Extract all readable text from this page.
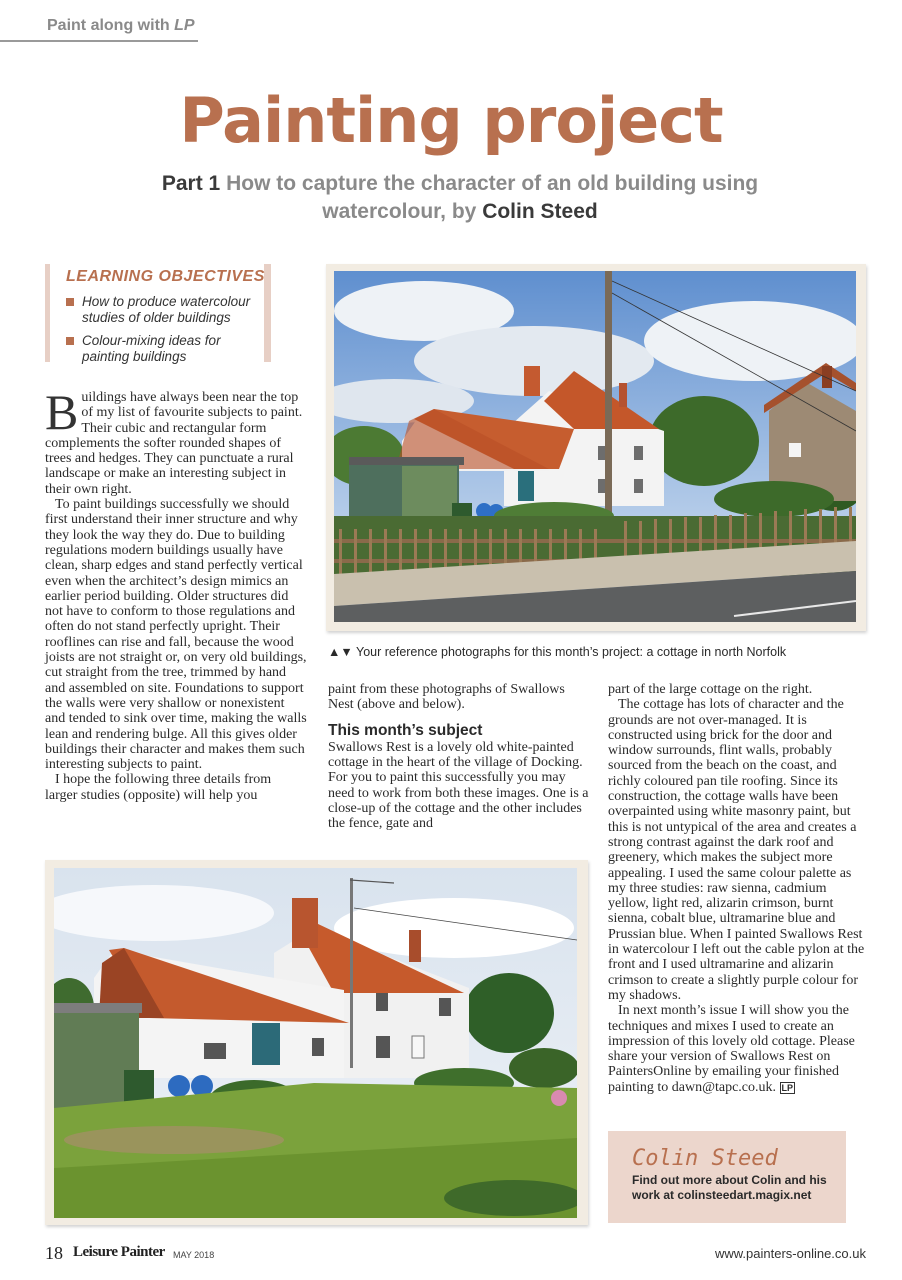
Paint along with LP
Painting project
Part 1 How to capture the character of an old building using watercolour, by Colin Steed
LEARNING OBJECTIVES
How to produce watercolour studies of older buildings
Colour-mixing ideas for painting buildings
▲▼ Your reference photographs for this month’s project: a cottage in north Norfolk

Buildings have always been near the top of my list of favourite subjects to paint. Their cubic and rectangular form complements the softer rounded shapes of trees and hedges. They can punctuate a rural landscape or make an interesting subject in their own right.

To paint buildings successfully we should first understand their inner structure and why they look the way they do. Due to building regulations modern buildings usually have clean, sharp edges and stand perfectly vertical even when the architect’s design mimics an earlier period building. Older structures did not have to conform to those regulations and often do not stand perfectly upright. Their rooflines can rise and fall, because the wood joists are not straight or, on very old buildings, cut straight from the tree, trimmed by hand and assembled on site. Foundations to support the walls were very shallow or nonexistent and tended to sink over time, making the walls lean and rendering bulge. All this gives older buildings their character and makes them such interesting subjects to paint.

I hope the following three details from larger studies (opposite) will help you

paint from these photographs of Swallows Nest (above and below).

This month’s subject

Swallows Rest is a lovely old white-painted cottage in the heart of the village of Docking. For you to paint this successfully you may need to work from both these images. One is a close-up of the cottage and the other includes the fence, gate and

part of the large cottage on the right.

The cottage has lots of character and the grounds are not over-managed. It is constructed using brick for the door and window surrounds, flint walls, probably sourced from the beach on the coast, and richly coloured pan tile roofing. Since its construction, the cottage walls have been overpainted using white masonry paint, but this is not untypical of the area and creates a strong contrast against the dark roof and greenery, which makes the subject more appealing. I used the same colour palette as my three studies: raw sienna, cadmium yellow, light red, alizarin crimson, burnt sienna, cobalt blue, ultramarine blue and Prussian blue. When I painted Swallows Rest in watercolour I left out the cable pylon at the front and I used ultramarine and alizarin crimson to create a slightly purple colour for my shadows.

In next month’s issue I will show you the techniques and mixes I used to create an impression of this lovely old cottage. Please share your version of Swallows Rest on PaintersOnline by emailing your finished painting to dawn@tapc.co.uk. LP

Colin Steed
Find out more about Colin and his work at colinsteedart.magix.net
18 Leisure Painter MAY 2018	www.painters-online.co.uk
